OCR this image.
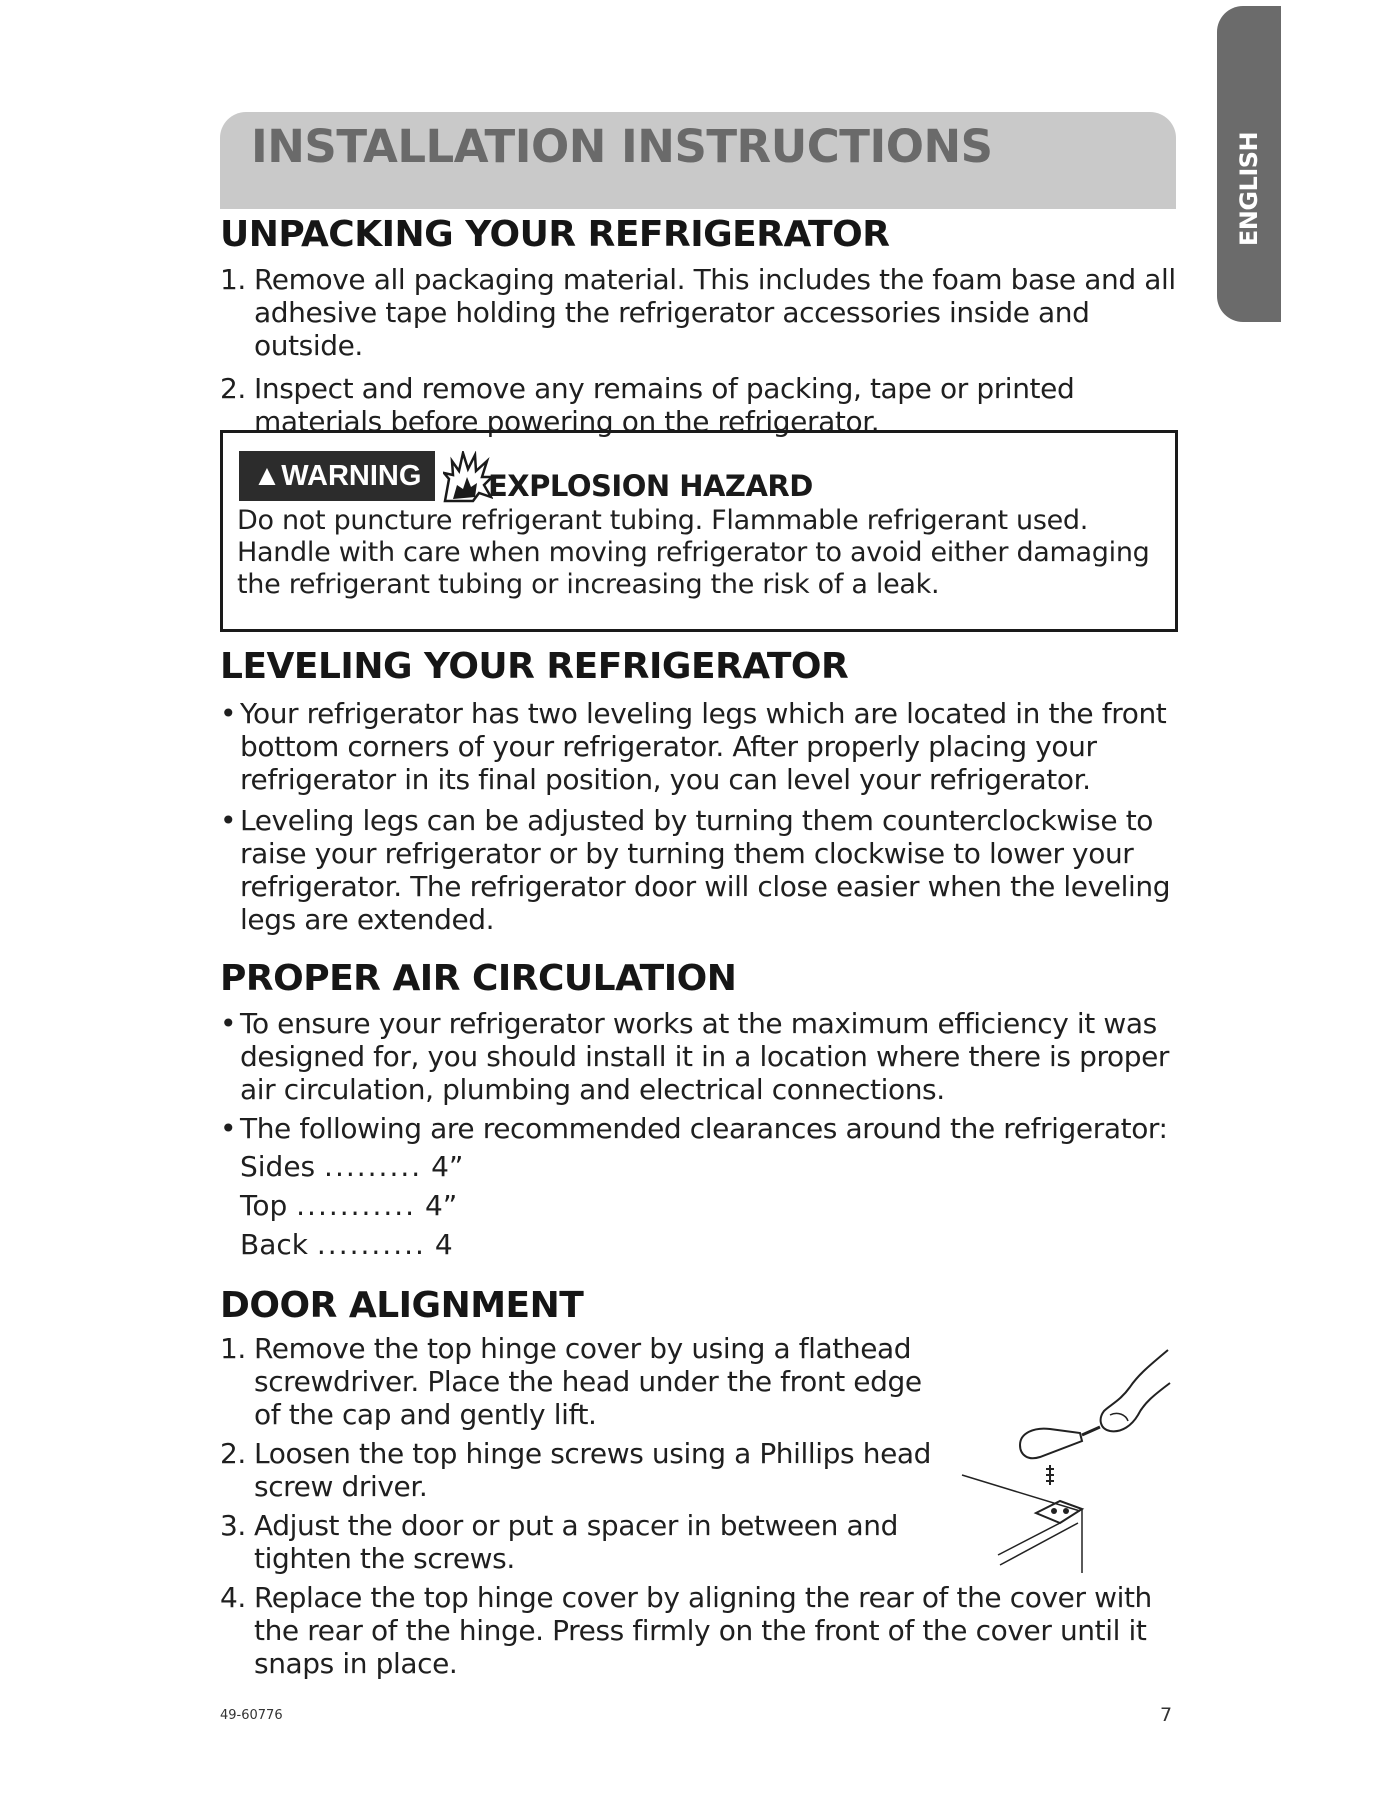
ENGLISH
INSTALLATION INSTRUCTIONS
UNPACKING YOUR REFRIGERATOR
1. Remove all packaging material. This includes the foam base and all adhesive tape holding the refrigerator accessories inside and outside.
2. Inspect and remove any remains of packing, tape or printed materials before powering on the refrigerator.
▲WARNING	EXPLOSION HAZARD
Do not puncture refrigerant tubing. Flammable refrigerant used. Handle with care when moving refrigerator to avoid either damaging the refrigerant tubing or increasing the risk of a leak.
LEVELING YOUR REFRIGERATOR
• Your refrigerator has two leveling legs which are located in the front bottom corners of your refrigerator. After properly placing your refrigerator in its final position, you can level your refrigerator.
• Leveling legs can be adjusted by turning them counterclockwise to raise your refrigerator or by turning them clockwise to lower your refrigerator. The refrigerator door will close easier when the leveling legs are extended.
PROPER AIR CIRCULATION
• To ensure your refrigerator works at the maximum efficiency it was designed for, you should install it in a location where there is proper air circulation, plumbing and electrical connections.
• The following are recommended clearances around the refrigerator:
Sides ......... 4”
Top ........... 4”
Back .......... 4
DOOR ALIGNMENT
1. Remove the top hinge cover by using a flathead screwdriver. Place the head under the front edge of the cap and gently lift.
2. Loosen the top hinge screws using a Phillips head screw driver.
3. Adjust the door or put a spacer in between and tighten the screws.
4. Replace the top hinge cover by aligning the rear of the cover with the rear of the hinge. Press firmly on the front of the cover until it snaps in place.
49-60776	7
